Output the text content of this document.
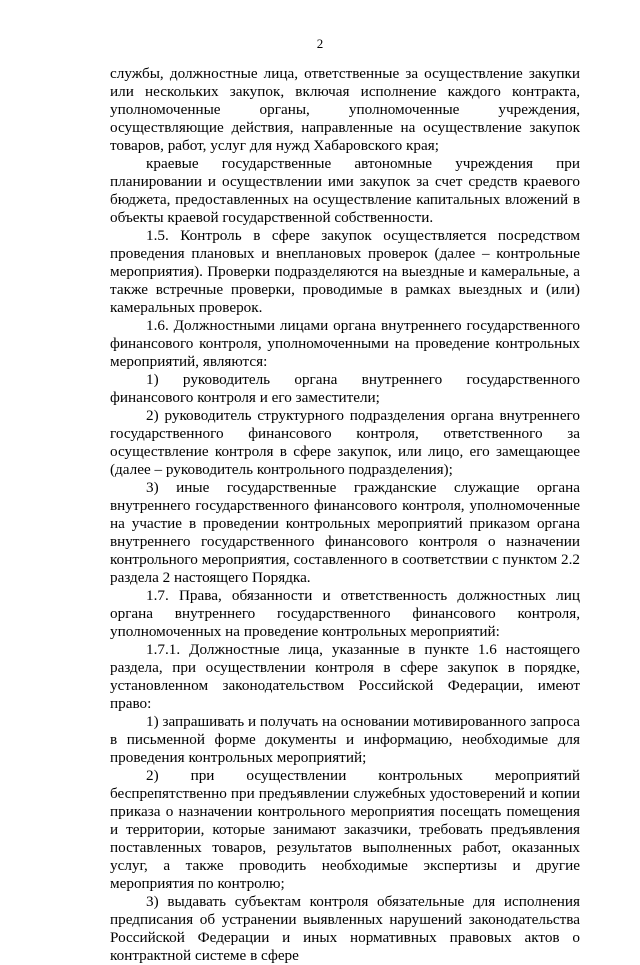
2

службы, должностные лица, ответственные за осуществление закупки или нескольких закупок, включая исполнение каждого контракта, уполномоченные органы, уполномоченные учреждения, осуществляющие действия, направленные на осуществление закупок товаров, работ, услуг для нужд Хабаровского края;

краевые государственные автономные учреждения при планировании и осуществлении ими закупок за счет средств краевого бюджета, предоставленных на осуществление капитальных вложений в объекты краевой государственной собственности.

1.5. Контроль в сфере закупок осуществляется посредством проведения плановых и внеплановых проверок (далее – контрольные мероприятия). Проверки подразделяются на выездные и камеральные, а также встречные проверки, проводимые в рамках выездных и (или) камеральных проверок.

1.6. Должностными лицами органа внутреннего государственного финансового контроля, уполномоченными на проведение контрольных мероприятий, являются:

1) руководитель органа внутреннего государственного финансового контроля и его заместители;

2) руководитель структурного подразделения органа внутреннего государственного финансового контроля, ответственного за осуществление контроля в сфере закупок, или лицо, его замещающее (далее – руководитель контрольного подразделения);

3) иные государственные гражданские служащие органа внутреннего государственного финансового контроля, уполномоченные на участие в проведении контрольных мероприятий приказом органа внутреннего государственного финансового контроля о назначении контрольного мероприятия, составленного в соответствии с пунктом 2.2 раздела 2 настоящего Порядка.

1.7. Права, обязанности и ответственность должностных лиц органа внутреннего государственного финансового контроля, уполномоченных на проведение контрольных мероприятий:

1.7.1. Должностные лица, указанные в пункте 1.6 настоящего раздела, при осуществлении контроля в сфере закупок в порядке, установленном законодательством Российской Федерации, имеют право:

1) запрашивать и получать на основании мотивированного запроса в письменной форме документы и информацию, необходимые для проведения контрольных мероприятий;

2) при осуществлении контрольных мероприятий беспрепятственно при предъявлении служебных удостоверений и копии приказа о назначении контрольного мероприятия посещать помещения и территории, которые занимают заказчики, требовать предъявления поставленных товаров, результатов выполненных работ, оказанных услуг, а также проводить необходимые экспертизы и другие мероприятия по контролю;

3) выдавать субъектам контроля обязательные для исполнения предписания об устранении выявленных нарушений законодательства Российской Федерации и иных нормативных правовых актов о контрактной системе в сфере
